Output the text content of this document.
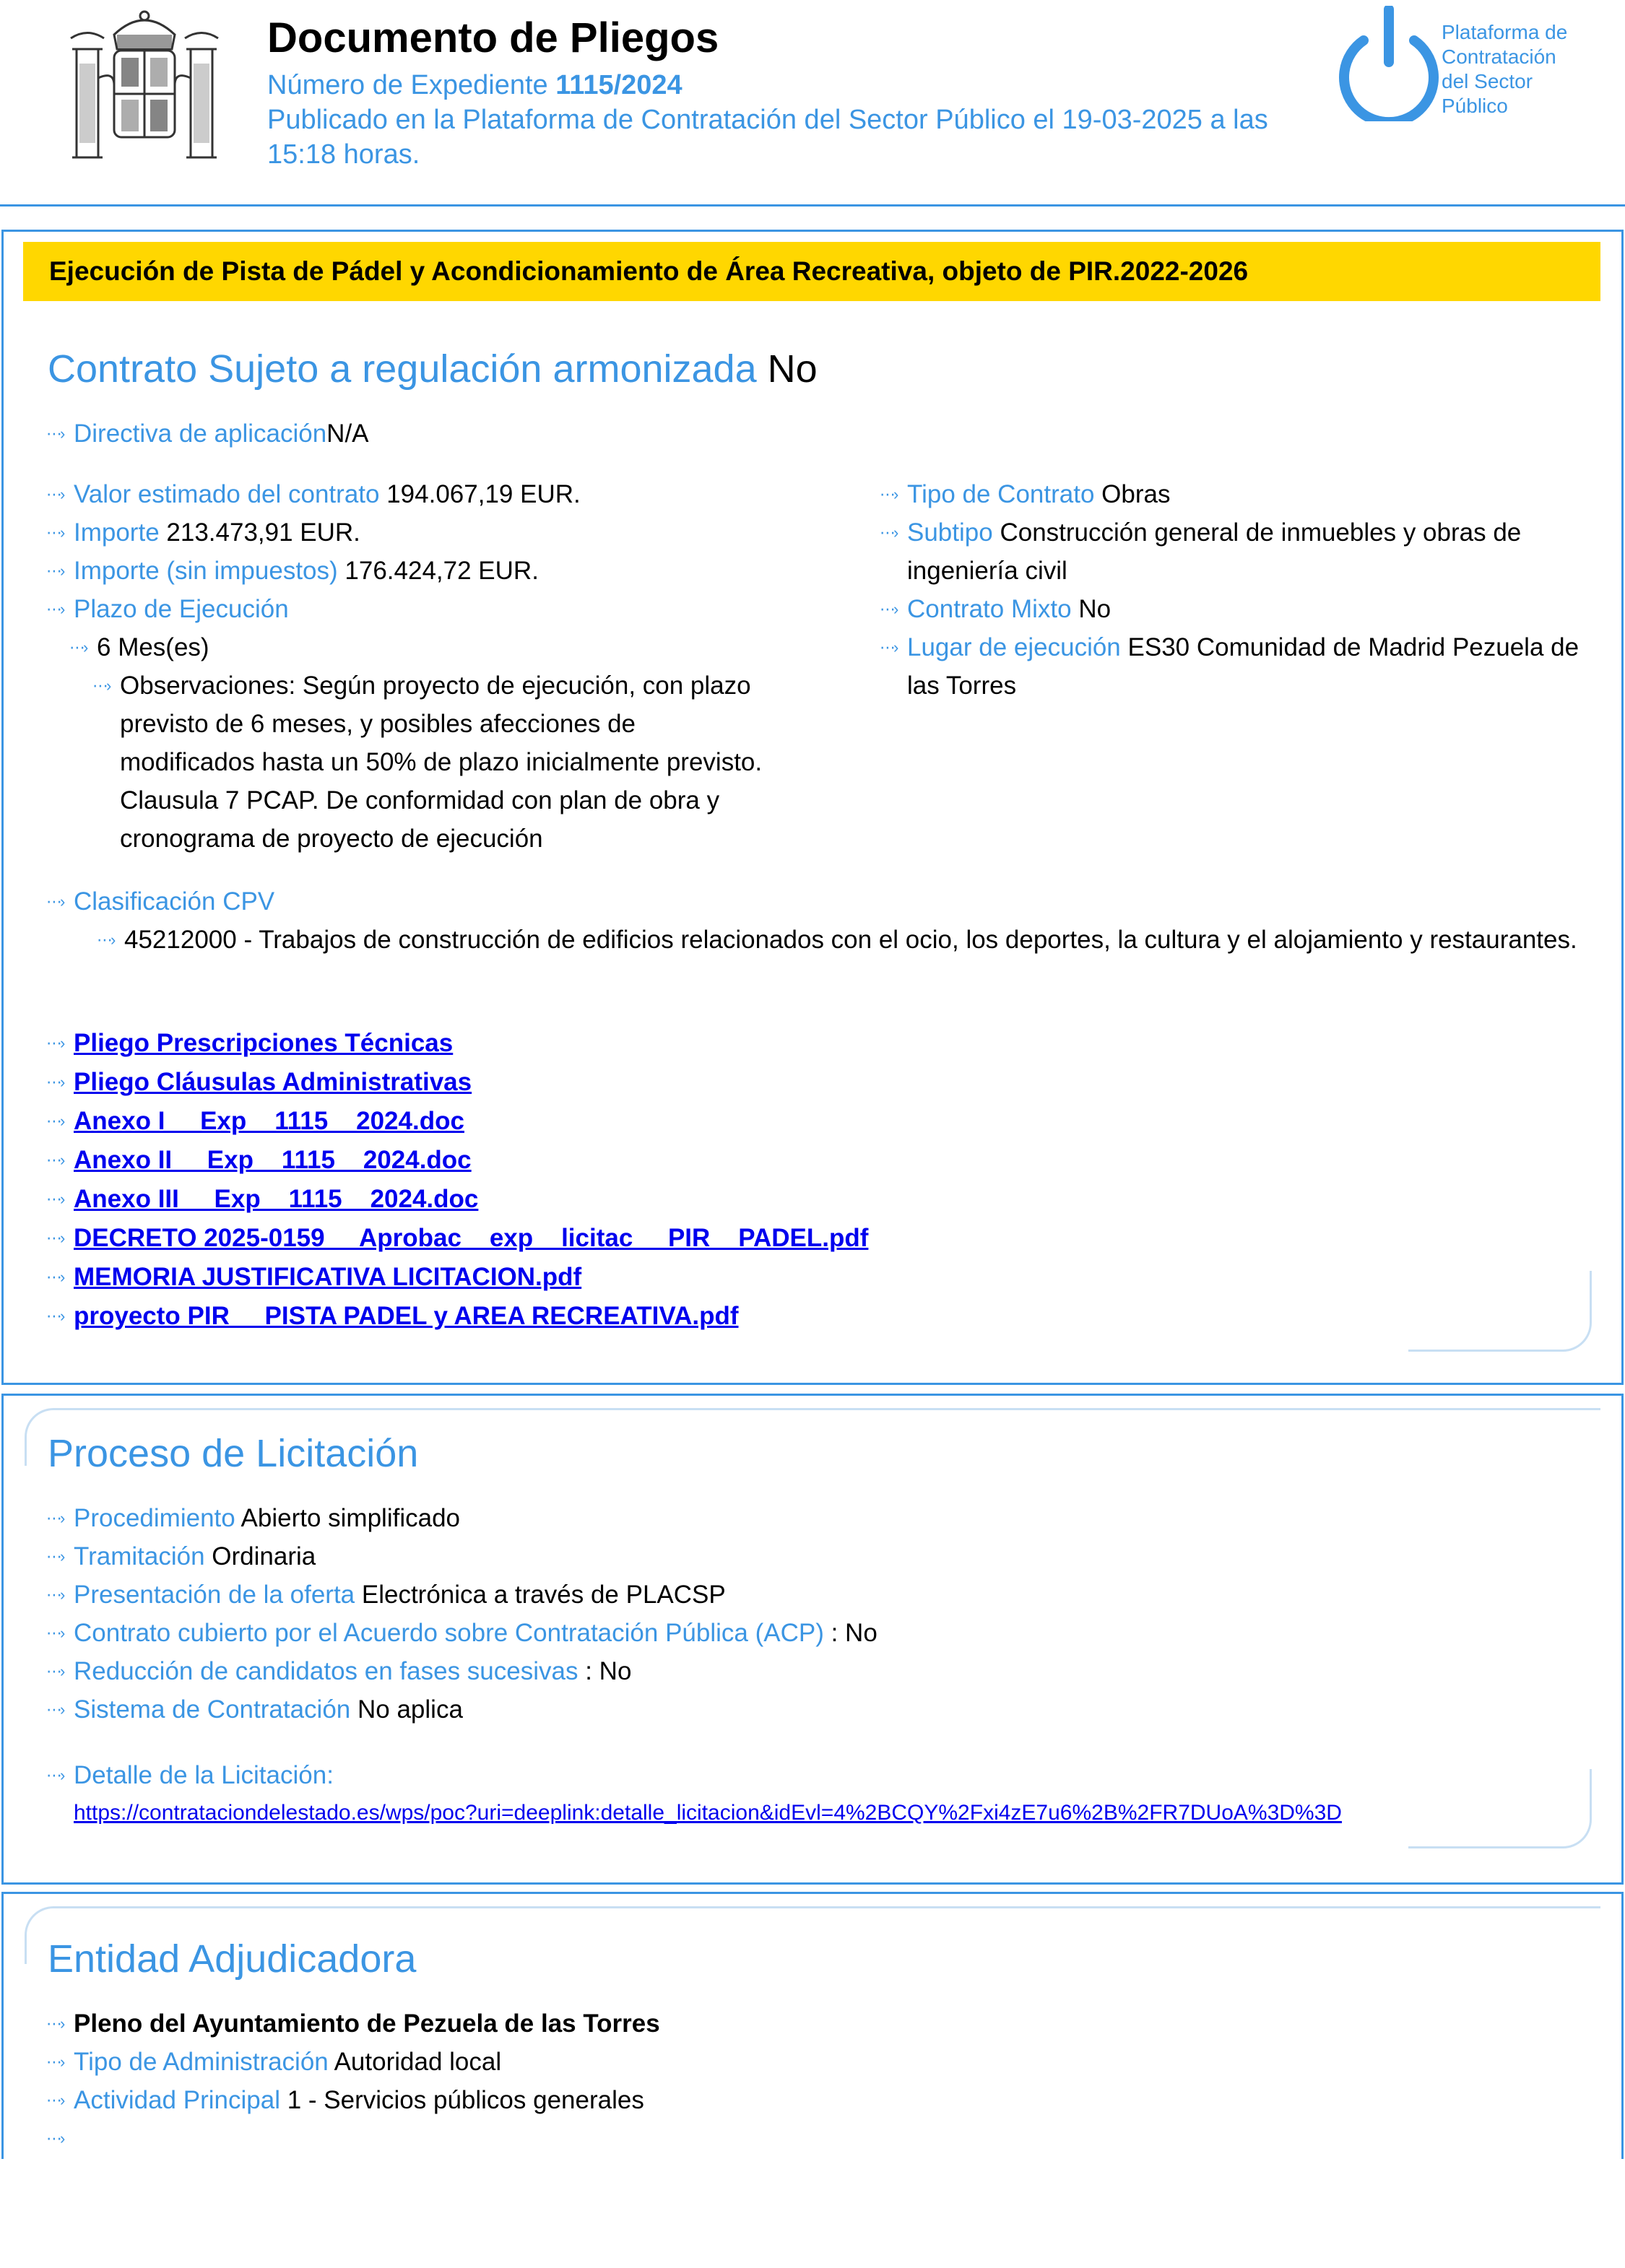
Documento de Pliegos
Número de Expediente 1115/2024
Publicado en la Plataforma de Contratación del Sector Público el 19-03-2025 a las 15:18 horas.
Plataforma de
Contratación
del Sector
Público
Ejecución de Pista de Pádel y Acondicionamiento de Área Recreativa, objeto de PIR.2022-2026
Contrato Sujeto a regulación armonizada No
⋯› Directiva de aplicaciónN/A
⋯› Valor estimado del contrato 194.067,19 EUR.
⋯› Importe 213.473,91 EUR.
⋯› Importe (sin impuestos) 176.424,72 EUR.
⋯› Plazo de Ejecución
⋯› 6 Mes(es)
⋯› Observaciones: Según proyecto de ejecución, con plazo previsto de 6 meses, y posibles afecciones de modificados hasta un 50% de plazo inicialmente previsto. Clausula 7 PCAP. De conformidad con plan de obra y cronograma de proyecto de ejecución
⋯› Tipo de Contrato Obras
⋯› Subtipo Construcción general de inmuebles y obras de ingeniería civil
⋯› Contrato Mixto No
⋯› Lugar de ejecución ES30 Comunidad de Madrid Pezuela de las Torres
⋯› Clasificación CPV
⋯› 45212000 - Trabajos de construcción de edificios relacionados con el ocio, los deportes, la cultura y el alojamiento y restaurantes.
⋯› Pliego Prescripciones Técnicas
⋯› Pliego Cláusulas Administrativas
⋯› Anexo I__ Exp__1115__2024.doc
⋯› Anexo II__ Exp__1115__2024.doc
⋯› Anexo III__ Exp__1115__2024.doc
⋯› DECRETO 2025-0159__ Aprobac__exp__licitac__ PIR__PADEL.pdf
⋯› MEMORIA JUSTIFICATIVA LICITACION.pdf
⋯› proyecto PIR__ PISTA PADEL y AREA RECREATIVA.pdf
Proceso de Licitación
⋯› Procedimiento Abierto simplificado
⋯› Tramitación Ordinaria
⋯› Presentación de la oferta Electrónica a través de PLACSP
⋯› Contrato cubierto por el Acuerdo sobre Contratación Pública (ACP) : No
⋯› Reducción de candidatos en fases sucesivas : No
⋯› Sistema de Contratación No aplica
⋯› Detalle de la Licitación:
https://contrataciondelestado.es/wps/poc?uri=deeplink:detalle_licitacion&idEvl=4%2BCQY%2Fxi4zE7u6%2B%2FR7DUoA%3D%3D
Entidad Adjudicadora
⋯› Pleno del Ayuntamiento de Pezuela de las Torres
⋯› Tipo de Administración Autoridad local
⋯› Actividad Principal 1 - Servicios públicos generales
⋯›
